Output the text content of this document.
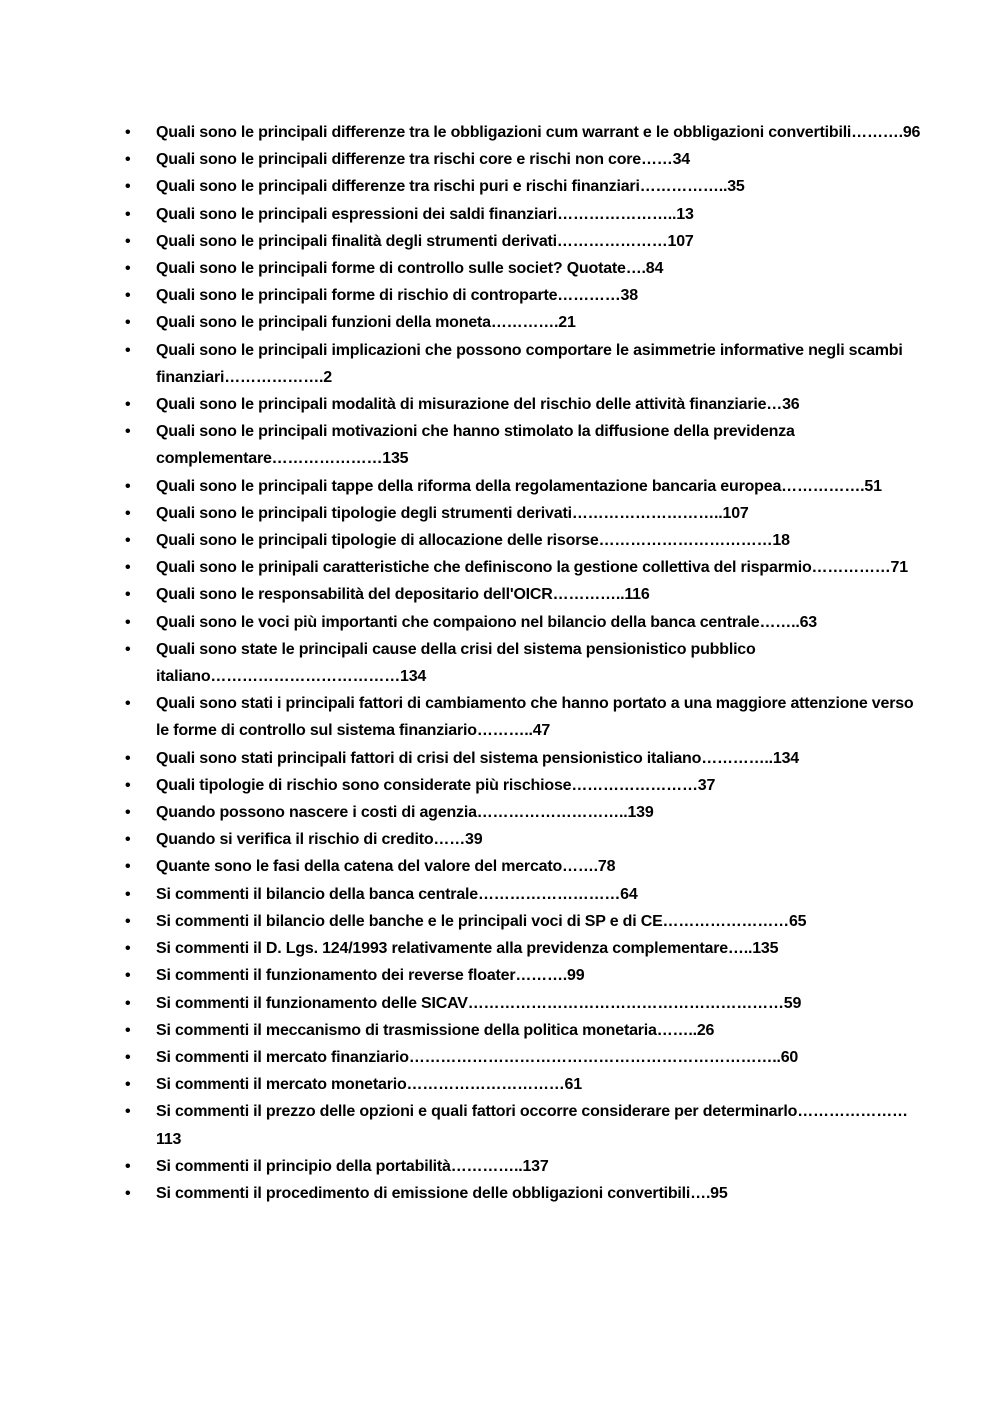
• Quali sono le principali differenze tra le obbligazioni cum warrant e le obbligazioni convertibili……….96
• Quali sono le principali differenze tra rischi core e rischi non core……34
• Quali sono le principali differenze tra rischi puri e rischi finanziari……………..35
• Quali sono le principali espressioni dei saldi finanziari…………………..13
• Quali sono le principali finalità degli strumenti derivati…………………107
• Quali sono le principali forme di controllo sulle societ? Quotate….84
• Quali sono le principali forme di rischio di controparte…………38
• Quali sono le principali funzioni della moneta………….21
• Quali sono le principali implicazioni che possono comportare le asimmetrie informative negli scambi finanziari……………….2
• Quali sono le principali modalità di misurazione del rischio delle attività finanziarie…36
• Quali sono le principali motivazioni che hanno stimolato la diffusione della previdenza complementare…………………135
• Quali sono le principali tappe della riforma della regolamentazione bancaria europea…………….51
• Quali sono le principali tipologie degli strumenti derivati………………………..107
• Quali sono le principali tipologie di allocazione delle risorse……………………………18
• Quali sono le prinipali caratteristiche che definiscono la gestione collettiva del risparmio……………71
• Quali sono le responsabilità del depositario dell'OICR…………..116
• Quali sono le voci più importanti che compaiono nel bilancio della banca centrale……..63
• Quali sono state le principali cause della crisi del sistema pensionistico pubblico italiano………………………………134
• Quali sono stati i principali fattori di cambiamento che hanno portato a una maggiore attenzione verso le forme di controllo sul sistema finanziario………..47
• Quali sono stati principali fattori di crisi del sistema pensionistico italiano…………..134
• Quali tipologie di rischio sono considerate più rischiose……………………37
• Quando possono nascere i costi di agenzia………………………..139
• Quando si verifica il rischio di credito……39
• Quante sono le fasi della catena del valore del mercato…….78
• Si commenti il bilancio della banca centrale………………………64
• Si commenti il bilancio delle banche e le principali voci di SP e di CE……………………65
• Si commenti il D. Lgs. 124/1993 relativamente alla previdenza complementare…..135
• Si commenti il funzionamento dei reverse floater……….99
• Si commenti il funzionamento delle SICAV……………………………………………………59
• Si commenti il meccanismo di trasmissione della politica monetaria……..26
• Si commenti il mercato finanziario……………………………………………………………..60
• Si commenti il mercato monetario…………………………61
• Si commenti il prezzo delle opzioni e quali fattori occorre considerare per determinarlo…………………113
• Si commenti il principio della portabilità…………..137
• Si commenti il procedimento di emissione delle obbligazioni convertibili….95
